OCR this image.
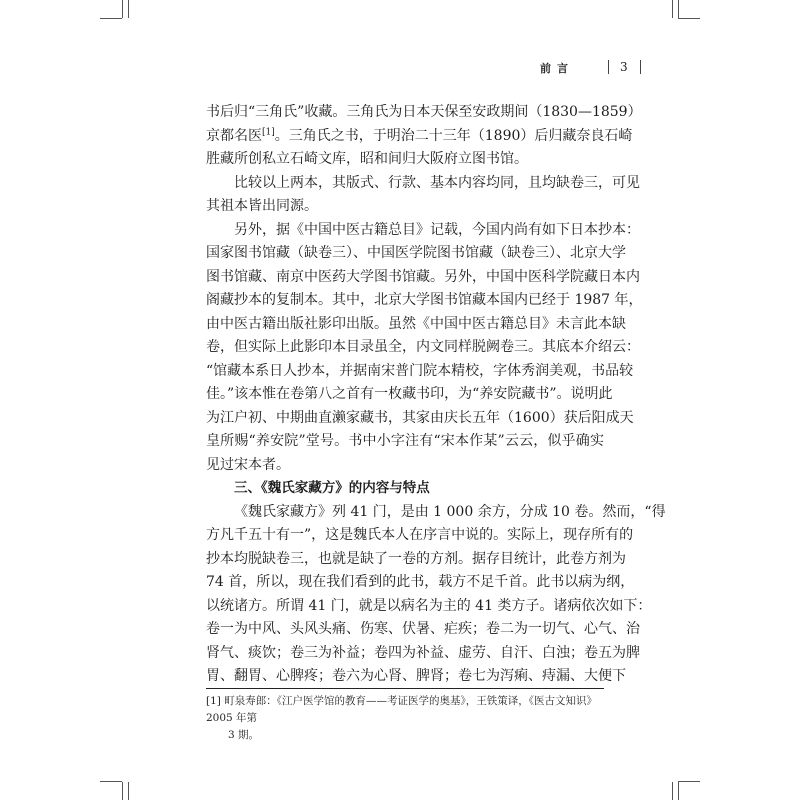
前言	3
书后归“三角氏”收藏。三角氏为日本天保至安政期间（1830—1859）
京都名医[1]。三角氏之书，于明治二十三年（1890）后归藏奈良石崎
胜藏所创私立石崎文库，昭和间归大阪府立图书馆。
比较以上两本，其版式、行款、基本内容均同，且均缺卷三，可见
其祖本皆出同源。
另外，据《中国中医古籍总目》记载，今国内尚有如下日本抄本：
国家图书馆藏（缺卷三）、中国医学院图书馆藏（缺卷三）、北京大学
图书馆藏、南京中医药大学图书馆藏。另外，中国中医科学院藏日本内
阁藏抄本的复制本。其中，北京大学图书馆藏本国内已经于 1987 年，
由中医古籍出版社影印出版。虽然《中国中医古籍总目》未言此本缺
卷，但实际上此影印本目录虽全，内文同样脱阙卷三。其底本介绍云：
“馆藏本系日人抄本，并据南宋普门院本精校，字体秀润美观，书品较
佳。”该本惟在卷第八之首有一枚藏书印，为“养安院藏书”。说明此
为江户初、中期曲直濑家藏书，其家由庆长五年（1600）获后阳成天
皇所赐“养安院”堂号。书中小字注有“宋本作某”云云，似乎确实
见过宋本者。
三、《魏氏家藏方》的内容与特点
《魏氏家藏方》列 41 门，是由 1 000 余方，分成 10 卷。然而，“得
方凡千五十有一”，这是魏氏本人在序言中说的。实际上，现存所有的
抄本均脱缺卷三，也就是缺了一卷的方剂。据存目统计，此卷方剂为
74 首，所以，现在我们看到的此书，载方不足千首。此书以病为纲，
以统诸方。所谓 41 门，就是以病名为主的 41 类方子。诸病依次如下：
卷一为中风、头风头痛、伤寒、伏暑、疟疾；卷二为一切气、心气、治
肾气、痰饮；卷三为补益；卷四为补益、虚劳、自汗、白浊；卷五为脾
胃、翻胃、心脾疼；卷六为心肾、脾肾；卷七为泻痢、痔漏、大便下
[1] 町泉寿郎：《江户医学馆的教育——考证医学的奥基》，王铁策译，《医古文知识》2005 年第
3 期。
